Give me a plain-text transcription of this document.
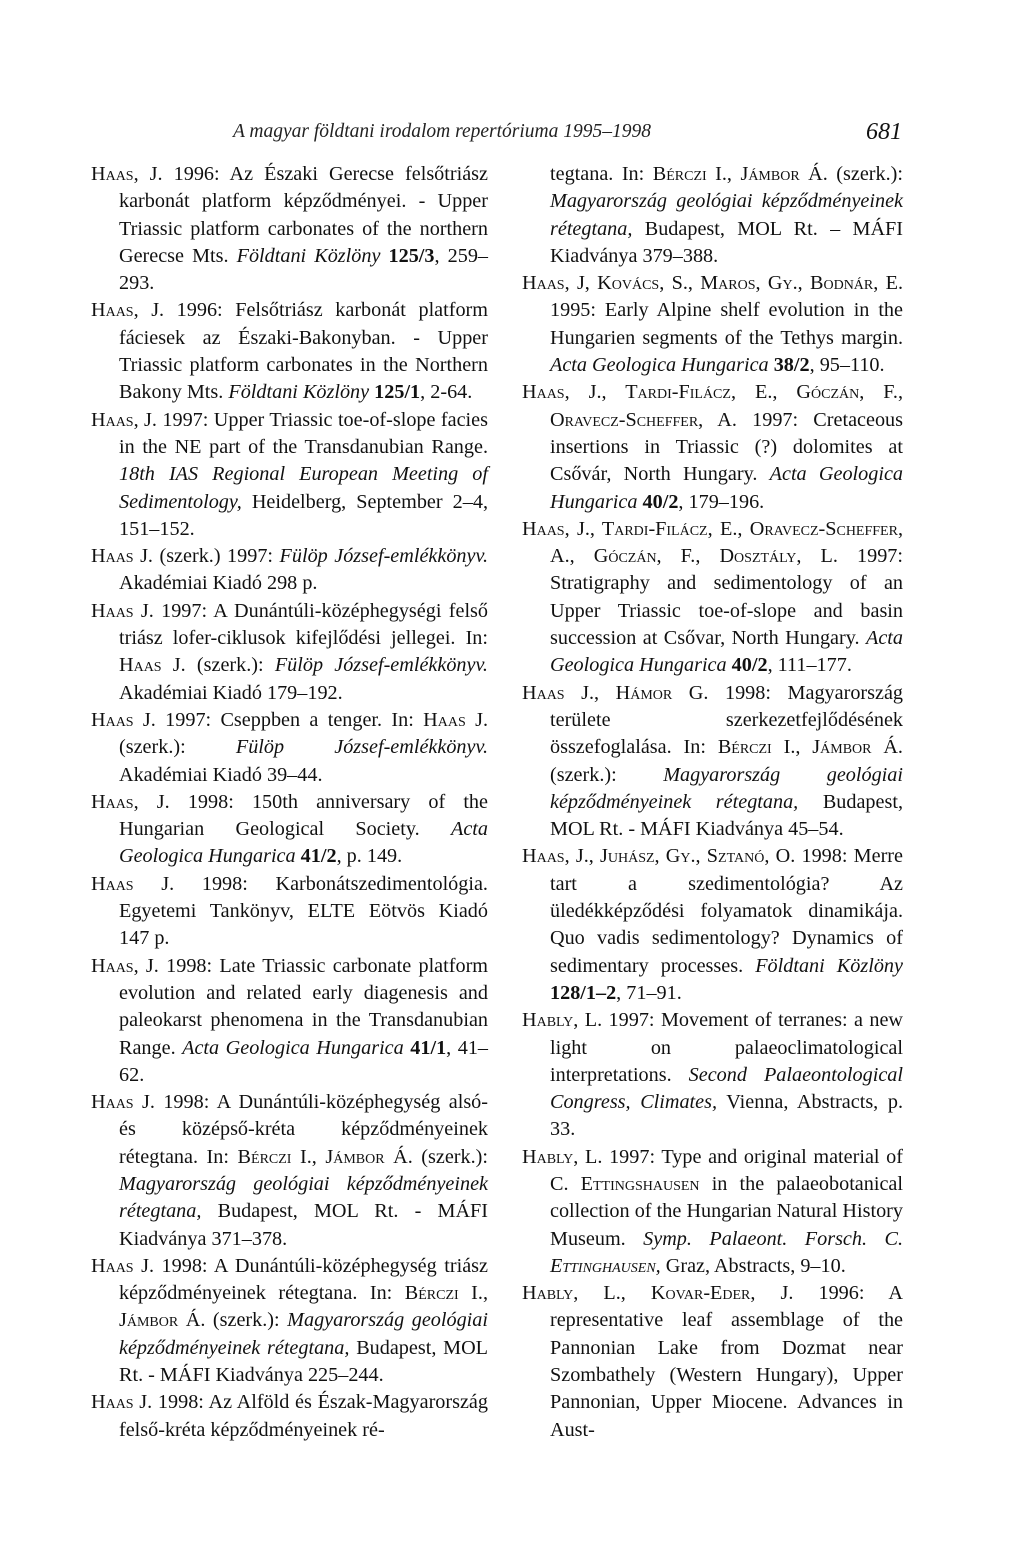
A magyar földtani irodalom repertóriuma 1995–1998	681

Haas, J. 1996: Az Északi Gerecse felsőtriász karbonát platform képződményei. - Upper Triassic platform carbonates of the northern Gerecse Mts. Földtani Közlöny 125/3, 259–293.

Haas, J. 1996: Felsőtriász karbonát platform fáciesek az Északi-Bakonyban. - Upper Triassic platform carbonates in the Northern Bakony Mts. Földtani Közlöny 125/1, 2-64.

Haas, J. 1997: Upper Triassic toe-of-slope facies in the NE part of the Transdanubian Range. 18th IAS Regional European Meeting of Sedimentology, Heidelberg, September 2–4, 151–152.

Haas J. (szerk.) 1997: Fülöp József-emlékkönyv. Akadémiai Kiadó 298 p.

Haas J. 1997: A Dunántúli-középhegységi felső triász lofer-ciklusok kifejlődési jellegei. In: Haas J. (szerk.): Fülöp József-emlékkönyv. Akadémiai Kiadó 179–192.

Haas J. 1997: Cseppben a tenger. In: Haas J. (szerk.): Fülöp József-emlékkönyv. Akadémiai Kiadó 39–44.

Haas, J. 1998: 150th anniversary of the Hungarian Geological Society. Acta Geologica Hungarica 41/2, p. 149.

Haas J. 1998: Karbonátszedimentológia. Egyetemi Tankönyv, ELTE Eötvös Kiadó 147 p.

Haas, J. 1998: Late Triassic carbonate platform evolution and related early diagenesis and paleokarst phenomena in the Transdanubian Range. Acta Geologica Hungarica 41/1, 41–62.

Haas J. 1998: A Dunántúli-középhegység alsó- és középső-kréta képződményeinek rétegtana. In: Bérczi I., Jámbor Á. (szerk.): Magyarország geológiai képződményeinek rétegtana, Budapest, MOL Rt. - MÁFI Kiadványa 371–378.

Haas J. 1998: A Dunántúli-középhegység triász képződményeinek rétegtana. In: Bérczi I., Jámbor Á. (szerk.): Magyarország geológiai képződményeinek rétegtana, Budapest, MOL Rt. - MÁFI Kiadványa 225–244.

Haas J. 1998: Az Alföld és Észak-Magyarország felső-kréta képződményeinek ré-

tegtana. In: Bérczi I., Jámbor Á. (szerk.): Magyarország geológiai képződményeinek rétegtana, Budapest, MOL Rt. – MÁFI Kiadványa 379–388.

Haas, J, Kovács, S., Maros, Gy., Bodnár, E. 1995: Early Alpine shelf evolution in the Hungarien segments of the Tethys margin. Acta Geologica Hungarica 38/2, 95–110.

Haas, J., Tardi-Filácz, E., Góczán, F., Oravecz-Scheffer, A. 1997: Cretaceous insertions in Triassic (?) dolomites at Csővár, North Hungary. Acta Geologica Hungarica 40/2, 179–196.

Haas, J., Tardi-Filácz, E., Oravecz-Scheffer, A., Góczán, F., Dosztály, L. 1997: Stratigraphy and sedimentology of an Upper Triassic toe-of-slope and basin succession at Csővar, North Hungary. Acta Geologica Hungarica 40/2, 111–177.

Haas J., Hámor G. 1998: Magyarország területe szerkezetfejlődésének összefoglalása. In: Bérczi I., Jámbor Á. (szerk.): Magyarország geológiai képződményeinek rétegtana, Budapest, MOL Rt. - MÁFI Kiadványa 45–54.

Haas, J., Juhász, Gy., Sztanó, O. 1998: Merre tart a szedimentológia? Az üledékképződési folyamatok dinamikája. Quo vadis sedimentology? Dynamics of sedimentary processes. Földtani Közlöny 128/1–2, 71–91.

Hably, L. 1997: Movement of terranes: a new light on palaeoclimatological interpretations. Second Palaeontological Congress, Climates, Vienna, Abstracts, p. 33.

Hably, L. 1997: Type and original material of C. Ettingshausen in the palaeobotanical collection of the Hungarian Natural History Museum. Symp. Palaeont. Forsch. C. Ettinghausen, Graz, Abstracts, 9–10.

Hably, L., Kovar-Eder, J. 1996: A representative leaf assemblage of the Pannonian Lake from Dozmat near Szombathely (Western Hungary), Upper Pannonian, Upper Miocene. Advances in Aust-
